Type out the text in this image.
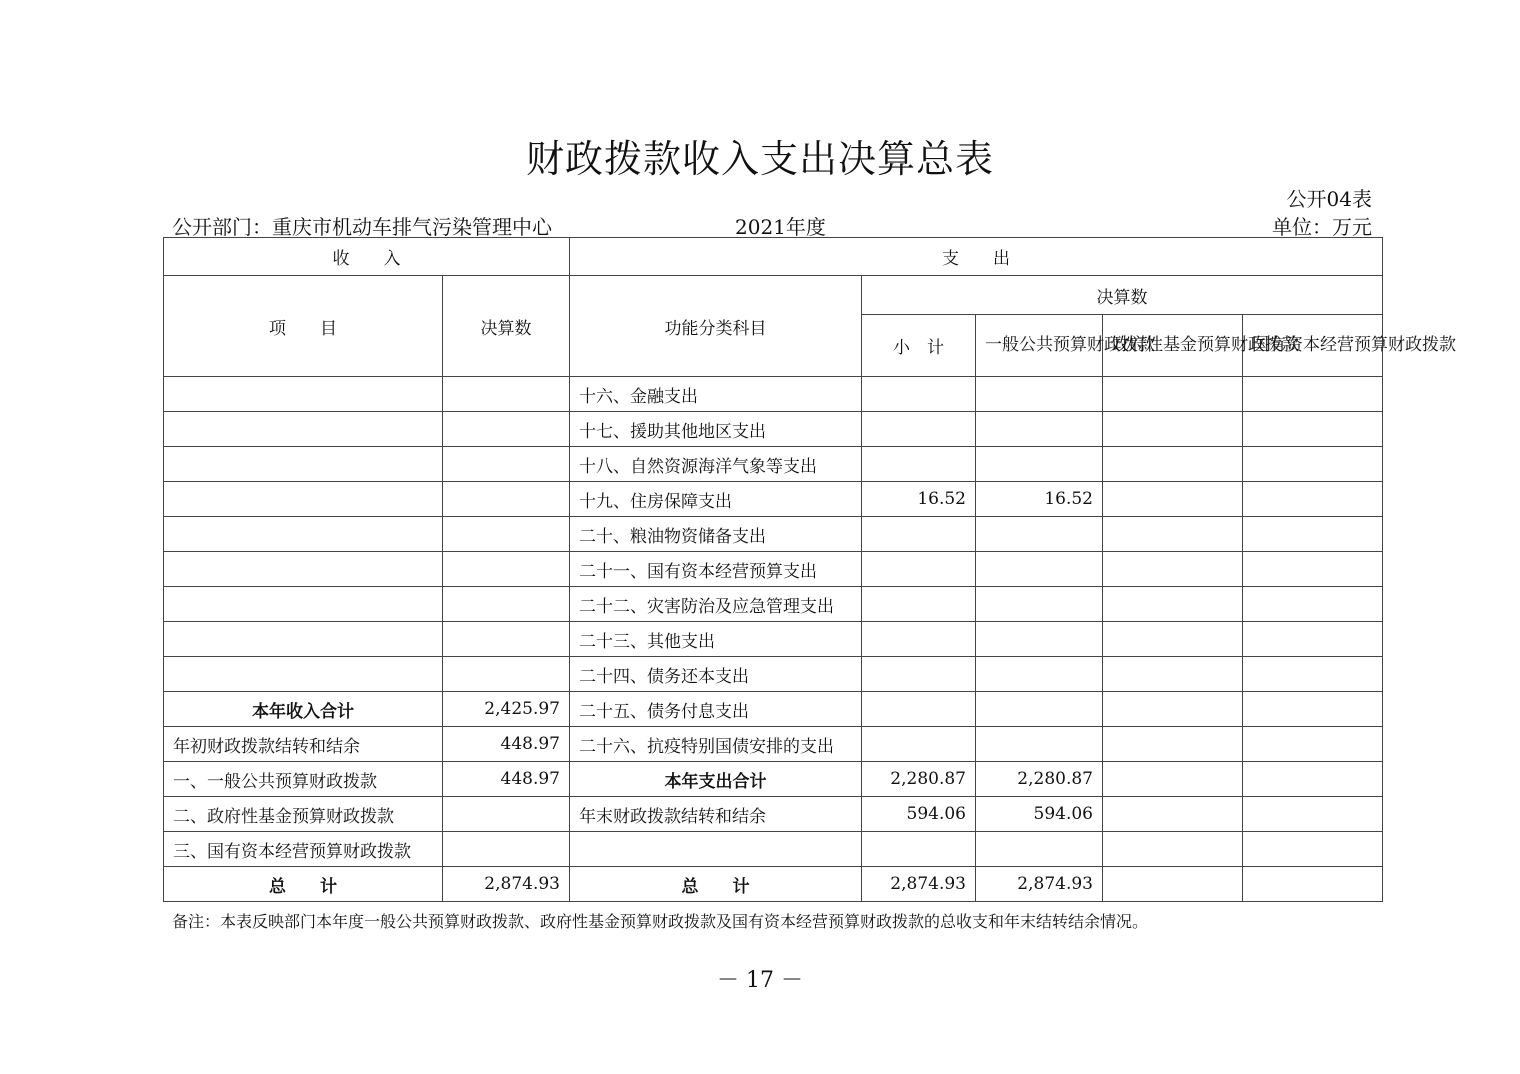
财政拨款收入支出决算总表
公开04表
公开部门：重庆市机动车排气污染管理中心	2021年度	单位：万元
收　　入		支　　出				
项　　目	决算数	功能分类科目	决算数			
			小　计	一般公共预算财政拨款	政府性基金预算财政拨款	国有资本经营预算财政拨款
		十六、金融支出				
		十七、援助其他地区支出				
		十八、自然资源海洋气象等支出				
		十九、住房保障支出	16.52	16.52		
		二十、粮油物资储备支出				
		二十一、国有资本经营预算支出				
		二十二、灾害防治及应急管理支出				
		二十三、其他支出				
		二十四、债务还本支出				
本年收入合计	2,425.97	二十五、债务付息支出				
年初财政拨款结转和结余	448.97	二十六、抗疫特别国债安排的支出				
一、一般公共预算财政拨款	448.97	本年支出合计	2,280.87	2,280.87		
二、政府性基金预算财政拨款		年末财政拨款结转和结余	594.06	594.06		
三、国有资本经营预算财政拨款						
总　　计	2,874.93	总　　计	2,874.93	2,874.93		
备注：本表反映部门本年度一般公共预算财政拨款、政府性基金预算财政拨款及国有资本经营预算财政拨款的总收支和年末结转结余情况。
－ 17 －
